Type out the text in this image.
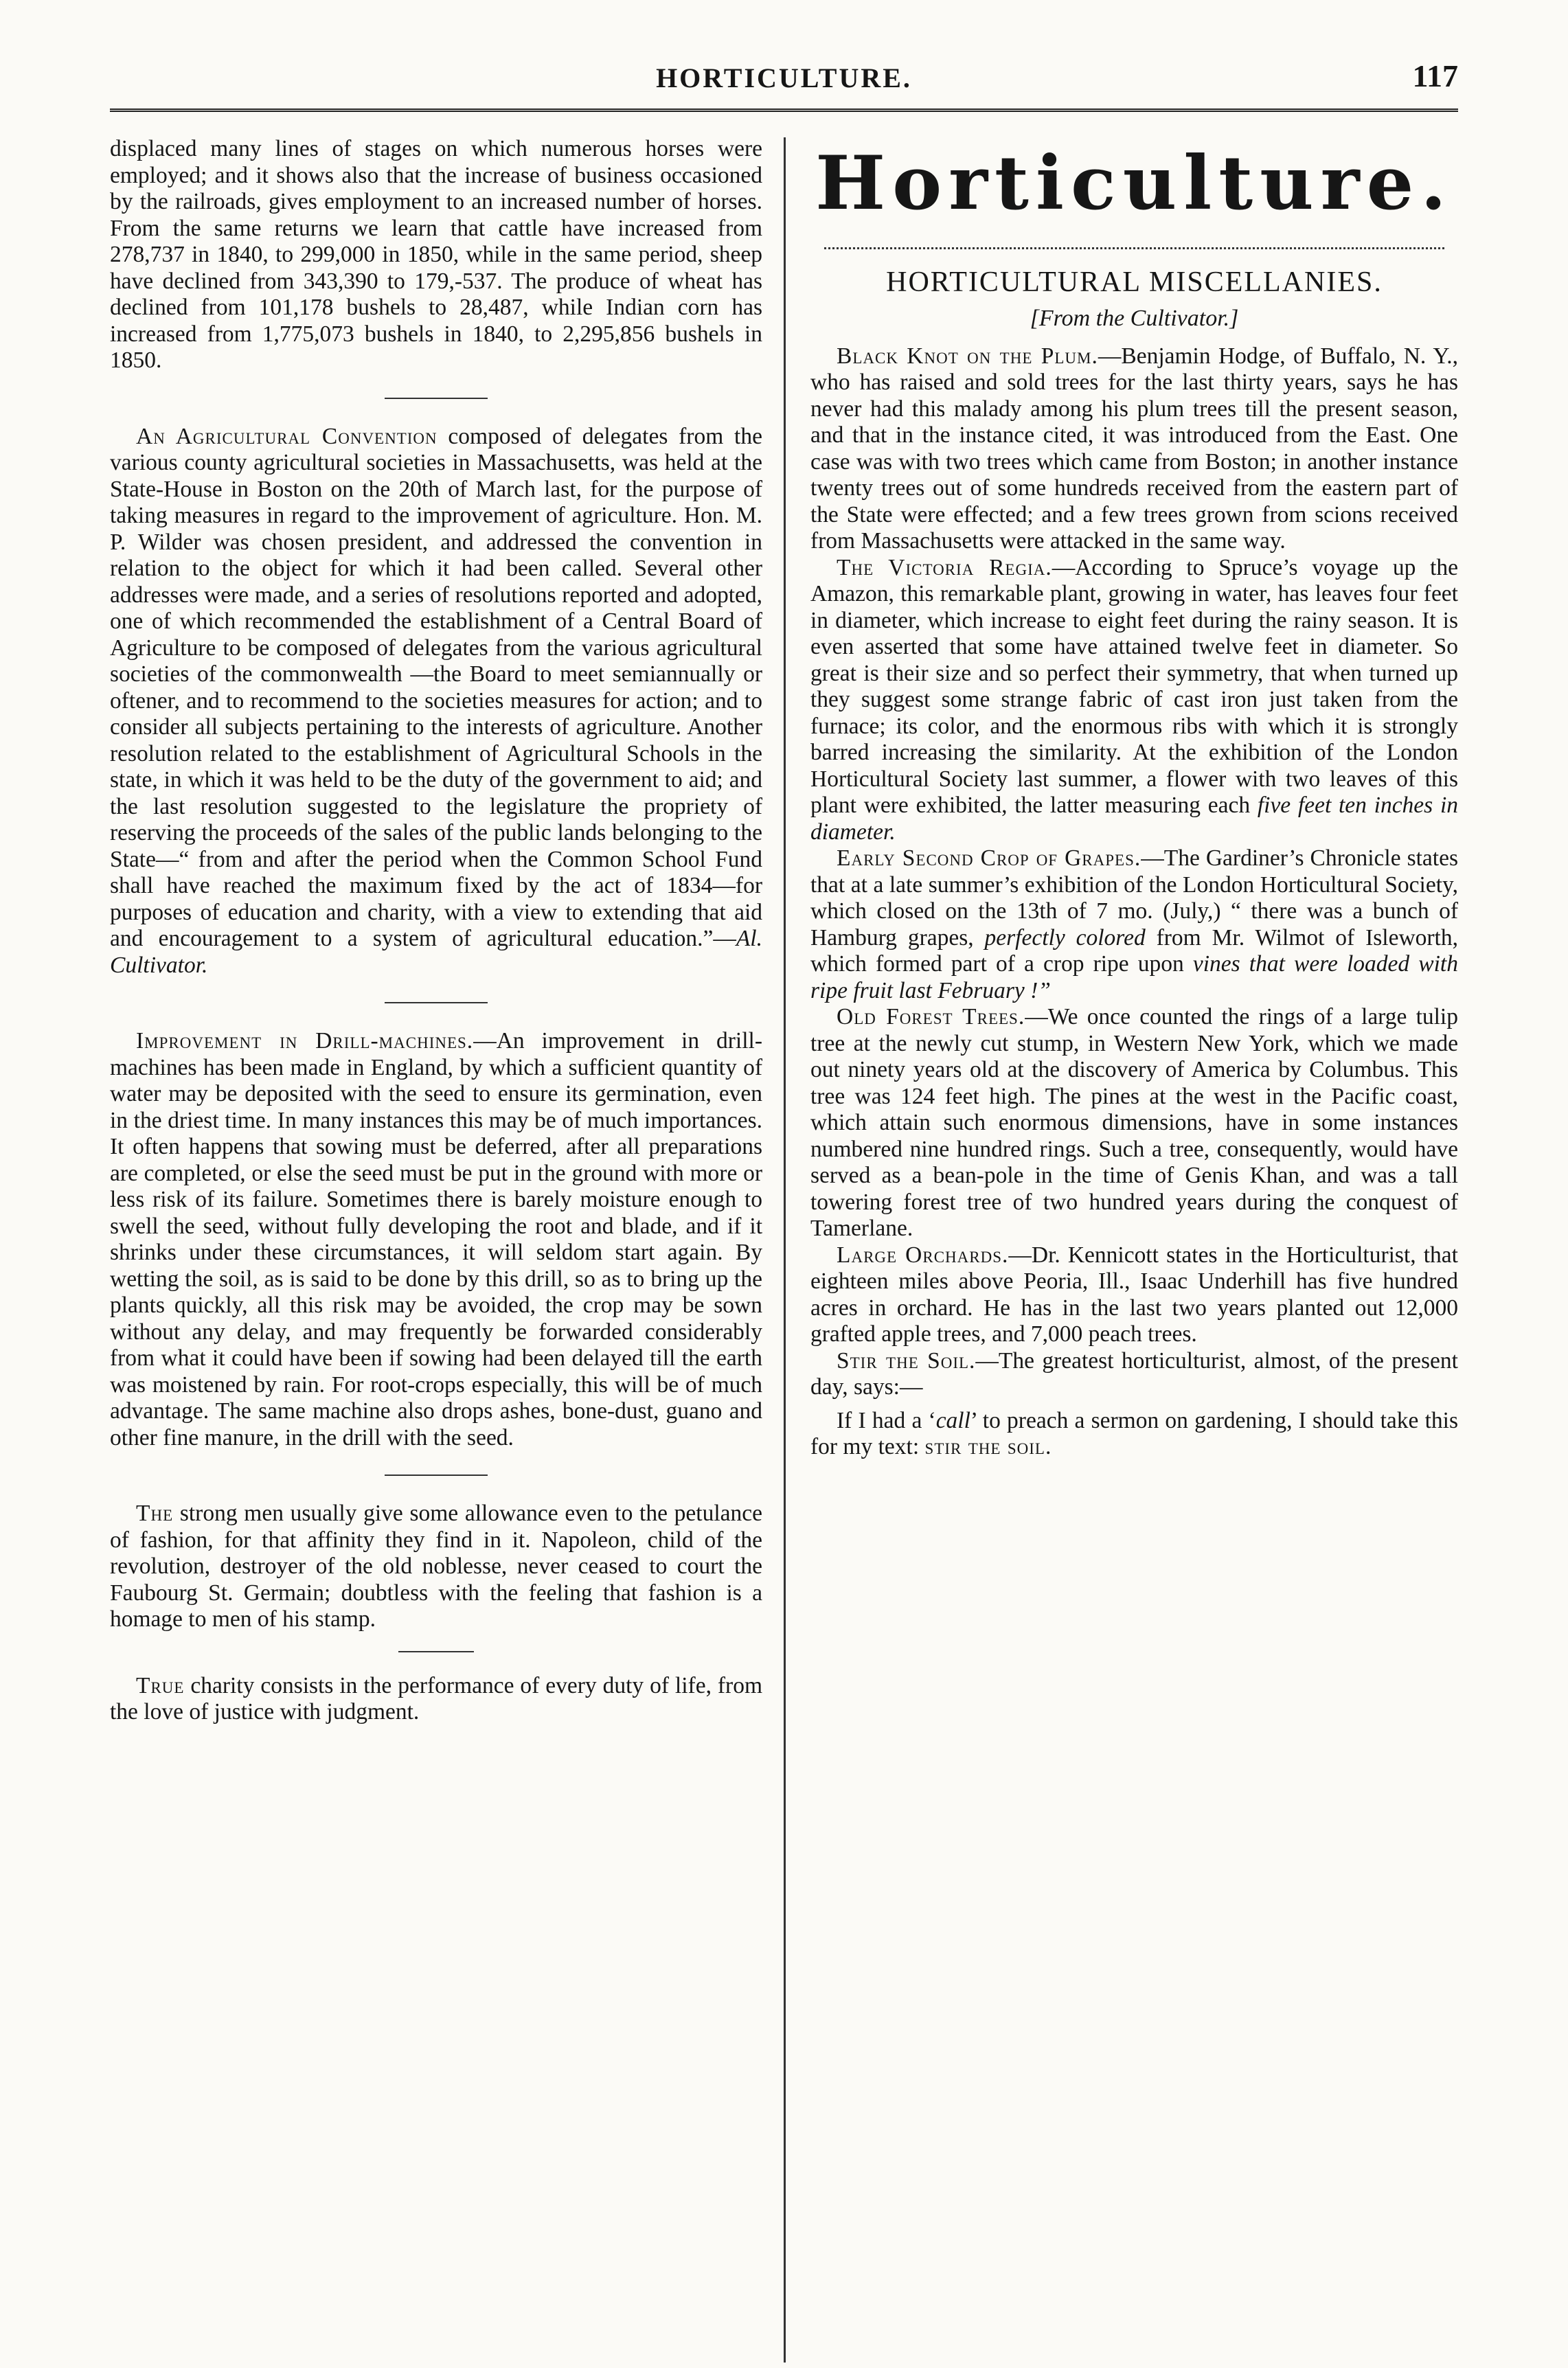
HORTICULTURE.	117

displaced many lines of stages on which numerous horses were employed; and it shows also that the increase of business occasioned by the railroads, gives employment to an increased number of horses. From the same returns we learn that cattle have increased from 278,737 in 1840, to 299,000 in 1850, while in the same period, sheep have declined from 343,390 to 179,-537. The produce of wheat has declined from 101,178 bushels to 28,487, while Indian corn has increased from 1,775,073 bushels in 1840, to 2,295,856 bushels in 1850.

An Agricultural Convention composed of delegates from the various county agricultural societies in Massachusetts, was held at the State-House in Boston on the 20th of March last, for the purpose of taking measures in regard to the improvement of agriculture. Hon. M. P. Wilder was chosen president, and addressed the convention in relation to the object for which it had been called. Several other addresses were made, and a series of resolutions reported and adopted, one of which recommended the establishment of a Central Board of Agriculture to be composed of delegates from the various agricultural societies of the commonwealth —the Board to meet semiannually or oftener, and to recommend to the societies measures for action; and to consider all subjects pertaining to the interests of agriculture. Another resolution related to the establishment of Agricultural Schools in the state, in which it was held to be the duty of the government to aid; and the last resolution suggested to the legislature the propriety of reserving the proceeds of the sales of the public lands belonging to the State—“ from and after the period when the Common School Fund shall have reached the maximum fixed by the act of 1834—for purposes of education and charity, with a view to extending that aid and encouragement to a system of agricultural education.”—Al. Cultivator.

Improvement in Drill-machines.—An improvement in drill-machines has been made in England, by which a sufficient quantity of water may be deposited with the seed to ensure its germination, even in the driest time. In many instances this may be of much importances. It often happens that sowing must be deferred, after all preparations are completed, or else the seed must be put in the ground with more or less risk of its failure. Sometimes there is barely moisture enough to swell the seed, without fully developing the root and blade, and if it shrinks under these circumstances, it will seldom start again. By wetting the soil, as is said to be done by this drill, so as to bring up the plants quickly, all this risk may be avoided, the crop may be sown without any delay, and may frequently be forwarded considerably from what it could have been if sowing had been delayed till the earth was moistened by rain. For root-crops especially, this will be of much advantage. The same machine also drops ashes, bone-dust, guano and other fine manure, in the drill with the seed.

The strong men usually give some allowance even to the petulance of fashion, for that affinity they find in it. Napoleon, child of the revolution, destroyer of the old noblesse, never ceased to court the Faubourg St. Germain; doubtless with the feeling that fashion is a homage to men of his stamp.

True charity consists in the performance of every duty of life, from the love of justice with judgment.

Horticulture.
HORTICULTURAL MISCELLANIES.
[From the Cultivator.]

Black Knot on the Plum.—Benjamin Hodge, of Buffalo, N. Y., who has raised and sold trees for the last thirty years, says he has never had this malady among his plum trees till the present season, and that in the instance cited, it was introduced from the East. One case was with two trees which came from Boston; in another instance twenty trees out of some hundreds received from the eastern part of the State were effected; and a few trees grown from scions received from Massachusetts were attacked in the same way.

The Victoria Regia.—According to Spruce’s voyage up the Amazon, this remarkable plant, growing in water, has leaves four feet in diameter, which increase to eight feet during the rainy season. It is even asserted that some have attained twelve feet in diameter. So great is their size and so perfect their symmetry, that when turned up they suggest some strange fabric of cast iron just taken from the furnace; its color, and the enormous ribs with which it is strongly barred increasing the similarity. At the exhibition of the London Horticultural Society last summer, a flower with two leaves of this plant were exhibited, the latter measuring each five feet ten inches in diameter.

Early Second Crop of Grapes.—The Gardiner’s Chronicle states that at a late summer’s exhibition of the London Horticultural Society, which closed on the 13th of 7 mo. (July,) “ there was a bunch of Hamburg grapes, perfectly colored from Mr. Wilmot of Isleworth, which formed part of a crop ripe upon vines that were loaded with ripe fruit last February !”

Old Forest Trees.—We once counted the rings of a large tulip tree at the newly cut stump, in Western New York, which we made out ninety years old at the discovery of America by Columbus. This tree was 124 feet high. The pines at the west in the Pacific coast, which attain such enormous dimensions, have in some instances numbered nine hundred rings. Such a tree, consequently, would have served as a bean-pole in the time of Genis Khan, and was a tall towering forest tree of two hundred years during the conquest of Tamerlane.

Large Orchards.—Dr. Kennicott states in the Horticulturist, that eighteen miles above Peoria, Ill., Isaac Underhill has five hundred acres in orchard. He has in the last two years planted out 12,000 grafted apple trees, and 7,000 peach trees.

Stir the Soil.—The greatest horticulturist, almost, of the present day, says:—

If I had a ‘call’ to preach a sermon on gardening, I should take this for my text: stir the soil.
